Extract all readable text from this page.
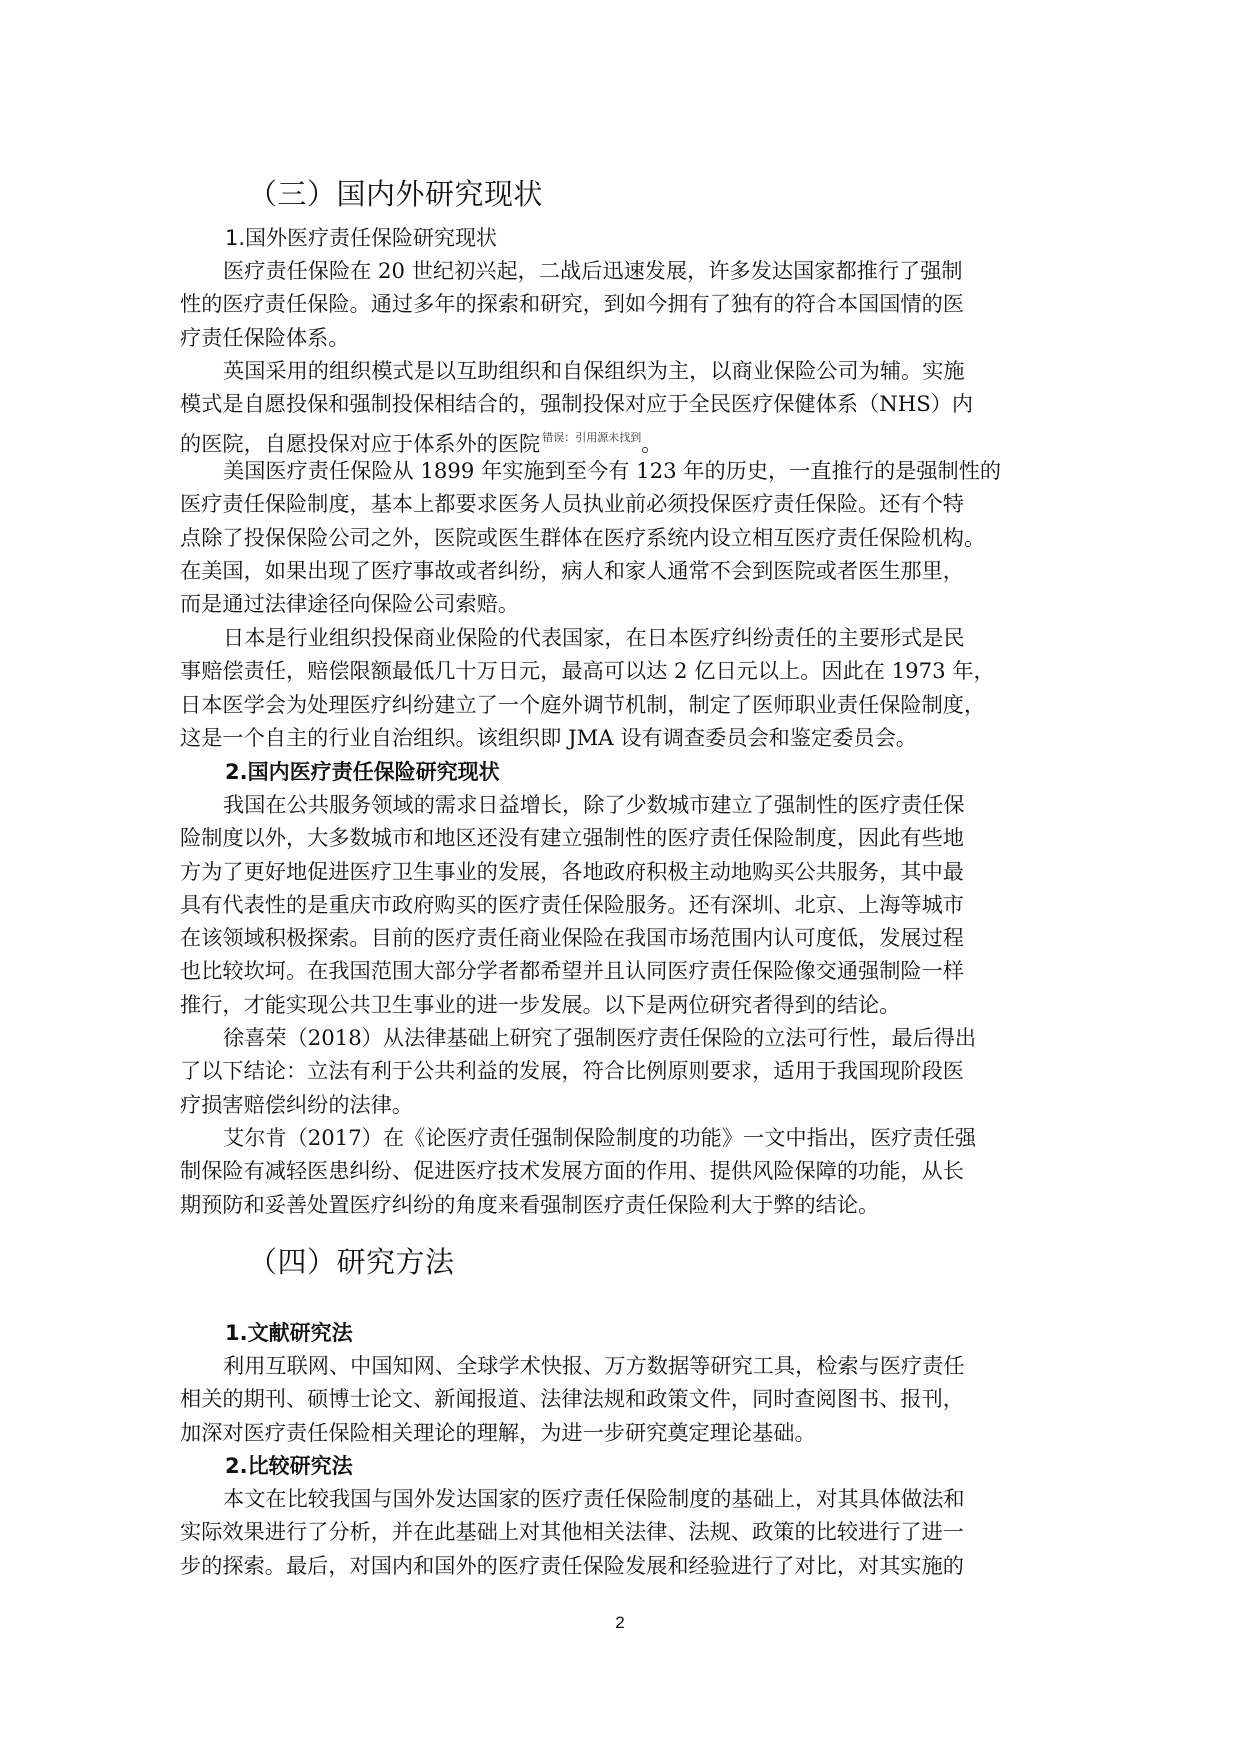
（三）国内外研究现状
1.国外医疗责任保险研究现状
医疗责任保险在 20 世纪初兴起，二战后迅速发展，许多发达国家都推行了强制
性的医疗责任保险。通过多年的探索和研究，到如今拥有了独有的符合本国国情的医
疗责任保险体系。
英国采用的组织模式是以互助组织和自保组织为主，以商业保险公司为辅。实施
模式是自愿投保和强制投保相结合的，强制投保对应于全民医疗保健体系（NHS）内
的医院，自愿投保对应于体系外的医院 $^{错误:引用源未找到}$。
美国医疗责任保险从 1899 年实施到至今有 123 年的历史，一直推行的是强制性的
医疗责任保险制度，基本上都要求医务人员执业前必须投保医疗责任保险。还有个特
点除了投保保险公司之外，医院或医生群体在医疗系统内设立相互医疗责任保险机构。
在美国，如果出现了医疗事故或者纠纷，病人和家人通常不会到医院或者医生那里，
而是通过法律途径向保险公司索赔。
日本是行业组织投保商业保险的代表国家，在日本医疗纠纷责任的主要形式是民
事赔偿责任，赔偿限额最低几十万日元，最高可以达 2 亿日元以上。因此在 1973 年，
日本医学会为处理医疗纠纷建立了一个庭外调节机制，制定了医师职业责任保险制度，
这是一个自主的行业自治组织。该组织即 JMA 设有调查委员会和鉴定委员会。
2.国内医疗责任保险研究现状
我国在公共服务领域的需求日益增长，除了少数城市建立了强制性的医疗责任保
险制度以外，大多数城市和地区还没有建立强制性的医疗责任保险制度，因此有些地
方为了更好地促进医疗卫生事业的发展，各地政府积极主动地购买公共服务，其中最
具有代表性的是重庆市政府购买的医疗责任保险服务。还有深圳、北京、上海等城市
在该领域积极探索。目前的医疗责任商业保险在我国市场范围内认可度低，发展过程
也比较坎坷。在我国范围大部分学者都希望并且认同医疗责任保险像交通强制险一样
推行，才能实现公共卫生事业的进一步发展。以下是两位研究者得到的结论。
徐喜荣（2018）从法律基础上研究了强制医疗责任保险的立法可行性，最后得出
了以下结论：立法有利于公共利益的发展，符合比例原则要求，适用于我国现阶段医
疗损害赔偿纠纷的法律。
艾尔肯（2017）在《论医疗责任强制保险制度的功能》一文中指出，医疗责任强
制保险有减轻医患纠纷、促进医疗技术发展方面的作用、提供风险保障的功能，从长
期预防和妥善处置医疗纠纷的角度来看强制医疗责任保险利大于弊的结论。
（四）研究方法
1.文献研究法
利用互联网、中国知网、全球学术快报、万方数据等研究工具，检索与医疗责任
相关的期刊、硕博士论文、新闻报道、法律法规和政策文件，同时查阅图书、报刊，
加深对医疗责任保险相关理论的理解，为进一步研究奠定理论基础。
2.比较研究法
本文在比较我国与国外发达国家的医疗责任保险制度的基础上，对其具体做法和
实际效果进行了分析，并在此基础上对其他相关法律、法规、政策的比较进行了进一
步的探索。最后，对国内和国外的医疗责任保险发展和经验进行了对比，对其实施的
2
